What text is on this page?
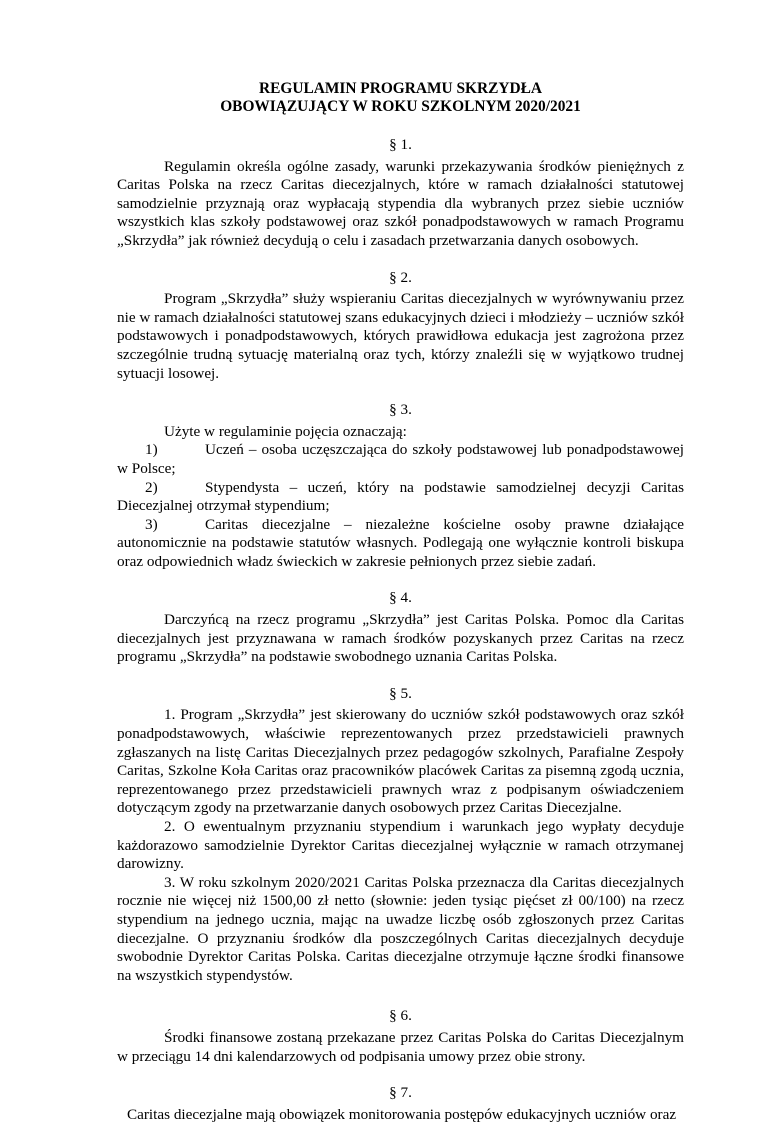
REGULAMIN PROGRAMU SKRZYDŁA

OBOWIĄZUJĄCY W ROKU SZKOLNYM 2020/2021

§ 1.

Regulamin określa ogólne zasady, warunki przekazywania środków pieniężnych z Caritas Polska na rzecz Caritas diecezjalnych, które w ramach działalności statutowej samodzielnie przyznają oraz wypłacają stypendia dla wybranych przez siebie uczniów wszystkich klas szkoły podstawowej oraz szkół ponadpodstawowych w ramach Programu „Skrzydła” jak również decydują o celu i zasadach przetwarzania danych osobowych.

§ 2.

Program „Skrzydła” służy wspieraniu Caritas diecezjalnych w wyrównywaniu przez nie w ramach działalności statutowej szans edukacyjnych dzieci i młodzieży – uczniów szkół podstawowych i ponadpodstawowych, których prawidłowa edukacja jest zagrożona przez szczególnie trudną sytuację materialną oraz tych, którzy znaleźli się w wyjątkowo trudnej sytuacji losowej.

§ 3.

Użyte w regulaminie pojęcia oznaczają:

1)	Uczeń – osoba uczęszczająca do szkoły podstawowej lub ponadpodstawowej w Polsce;

2)	Stypendysta – uczeń, który na podstawie samodzielnej decyzji Caritas Diecezjalnej otrzymał stypendium;

3)	Caritas diecezjalne – niezależne kościelne osoby prawne działające autonomicznie na podstawie statutów własnych. Podlegają one wyłącznie kontroli biskupa oraz odpowiednich władz świeckich w zakresie pełnionych przez siebie zadań.

§ 4.

Darczyńcą na rzecz programu „Skrzydła” jest Caritas Polska. Pomoc dla Caritas diecezjalnych jest przyznawana w ramach środków pozyskanych przez Caritas na rzecz programu „Skrzydła” na podstawie swobodnego uznania Caritas Polska.

§ 5.

1. Program „Skrzydła” jest skierowany do uczniów szkół podstawowych oraz szkół ponadpodstawowych, właściwie reprezentowanych przez przedstawicieli prawnych zgłaszanych na listę Caritas Diecezjalnych przez pedagogów szkolnych, Parafialne Zespoły Caritas, Szkolne Koła Caritas oraz pracowników placówek Caritas za pisemną zgodą ucznia, reprezentowanego przez przedstawicieli prawnych wraz z podpisanym oświadczeniem dotyczącym zgody na przetwarzanie danych osobowych przez Caritas Diecezjalne.

2. O ewentualnym przyznaniu stypendium i warunkach jego wypłaty decyduje każdorazowo samodzielnie Dyrektor Caritas diecezjalnej wyłącznie w ramach otrzymanej darowizny.

3. W roku szkolnym 2020/2021 Caritas Polska przeznacza dla Caritas diecezjalnych rocznie nie więcej niż 1500,00 zł netto (słownie: jeden tysiąc pięćset zł 00/100) na rzecz stypendium na jednego ucznia, mając na uwadze liczbę osób zgłoszonych przez Caritas diecezjalne. O przyznaniu środków dla poszczególnych Caritas diecezjalnych decyduje swobodnie Dyrektor Caritas Polska. Caritas diecezjalne otrzymuje łączne środki finansowe na wszystkich stypendystów.

§ 6.

Środki finansowe zostaną przekazane przez Caritas Polska do Caritas Diecezjalnym w przeciągu 14 dni kalendarzowych od podpisania umowy przez obie strony.

§ 7.

Caritas diecezjalne mają obowiązek monitorowania postępów edukacyjnych uczniów oraz
